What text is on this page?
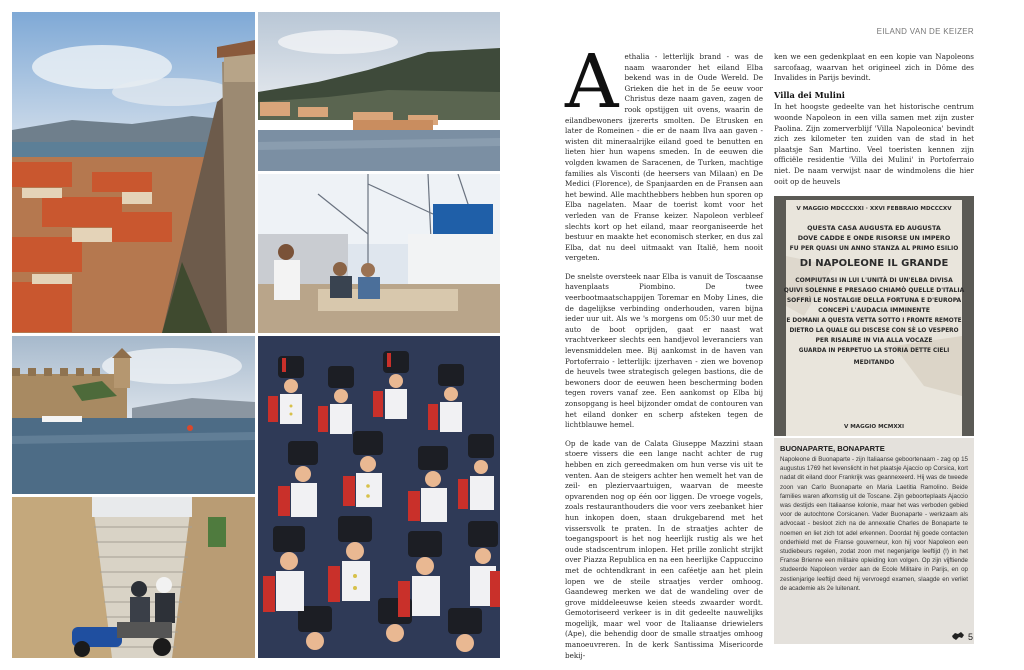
EILAND VAN DE KEIZER

Aethalia - letterlijk brand - was de naam waaronder het eiland Elba bekend was in de Oude Wereld. De Grieken die het in de 5e eeuw voor Christus deze naam gaven, zagen de rook opstijgen uit ovens, waarin de eilandbewoners ijzererts smolten. De Etrusken en later de Romeinen - die er de naam Ilva aan gaven - wisten dit mineraalrijke eiland goed te benutten en lieten hier hun wapens smeden. In de eeuwen die volgden kwamen de Saracenen, de Turken, machtige families als Visconti (de heersers van Milaan) en De Medici (Florence), de Spanjaarden en de Fransen aan het bewind. Alle machthebbers hebben hun sporen op Elba nagelaten. Maar de toerist komt voor het verleden van de Franse keizer. Napoleon verbleef slechts kort op het eiland, maar reorganiseerde het bestuur en maakte het economisch sterker, en dus zal Elba, dat nu deel uitmaakt van Italië, hem nooit vergeten.

De snelste oversteek naar Elba is vanuit de Toscaanse havenplaats Piombino. De twee veerbootmaatschappijen Toremar en Moby Lines, die de dagelijkse verbinding onderhouden, varen bijna ieder uur uit. Als we 's morgens om 05:30 uur met de auto de boot oprijden, gaat er naast wat vrachtverkeer slechts een handjevol leveranciers van levensmiddelen mee. Bij aankomst in de haven van Portoferraio - letterlijk: ijzerhaven - zien we bovenop de heuvels twee strategisch gelegen bastions, die de bewoners door de eeuwen heen bescherming boden tegen rovers vanaf zee. Een aankomst op Elba bij zonsopgang is heel bijzonder omdat de contouren van het eiland donker en scherp afsteken tegen de lichtblauwe hemel.

Op de kade van de Calata Giuseppe Mazzini staan stoere vissers die een lange nacht achter de rug hebben en zich gereedmaken om hun verse vis uit te venten. Aan de steigers achter hen wemelt het van de zeil- en pleziervaartuigen, waarvan de meeste opvarenden nog op één oor liggen. De vroege vogels, zoals restauranthouders die voor vers zeebanket hier hun inkopen doen, staan drukgebarend met het vissersvolk te praten. In de straatjes achter de toegangspoort is het nog heerlijk rustig als we het oude stadscentrum inlopen. Het prille zonlicht strijkt over Piazza Republica en na een heerlijke Cappuccino met de ochtendkrant in een caféetje aan het plein lopen we de steile straatjes verder omhoog. Gaandeweg merken we dat de wandeling over de grove middeleeuwse keien steeds zwaarder wordt. Gemotoriseerd verkeer is in dit gedeelte nauwelijks mogelijk, maar wel voor de Italiaanse driewielers (Ape), die behendig door de smalle straatjes omhoog manoeuvreren. In de kerk Santissima Misericorde bekij-

ken we een gedenkplaat en een kopie van Napoleons sarcofaag, waarvan het origineel zich in Dôme des Invalides in Parijs bevindt.

Villa dei Mulini

In het hoogste gedeelte van het historische centrum woonde Napoleon in een villa samen met zijn zuster Paolina. Zijn zomerverblijf 'Villa Napoleonica' bevindt zich zes kilometer ten zuiden van de stad in het plaatsje San Martino. Veel toeristen kennen zijn officiële residentie 'Villa dei Mulini' in Portoferraio niet. De naam verwijst naar de windmolens die hier ooit op de heuvels

V MAGGIO MDCCCXXI · XXVI FEBBRAIO MDCCCXV
QUESTA CASA AUGUSTA ED AUGUSTA
DOVE CADDE E ONDE RISORSE UN IMPERO
FU PER QUASI UN ANNO STANZA AL PRIMO ESILIO
DI NAPOLEONE IL GRANDE
COMPIUTASI IN LUI L'UNITÀ DI UN'ELBA DIVISA
QUIVI SOLENNE E PRESAGO CHIAMÒ QUELLE D'ITALIA
SOFFRÌ LE NOSTALGIE DELLA FORTUNA E D'EUROPA
CONCEPÌ L'AUDACIA IMMINENTE
E DOMANI A QUESTA VETTA SOTTO I FRONTE REMOTE
DIETRO LA QUALE GLI DISCESE CON SÈ LO VESPERO
PER RISALIRE IN VIA ALLA VOCAZE
GUARDA IN PERPETUO LA STORIA DETTE CIELI
MEDITANDO
V MAGGIO MCMXXI
BUONAPARTE, BONAPARTE
Napoleone di Buonaparte - zijn Italiaanse geboortenaam - zag op 15 augustus 1769 het levenslicht in het plaatsje Ajaccio op Corsica, kort nadat dit eiland door Frankrijk was geannexeerd. Hij was de tweede zoon van Carlo Buonaparte en Maria Laetitia Ramolino. Beide families waren afkomstig uit de Toscane. Zijn geboorteplaats Ajaccio was destijds een Italiaanse kolonie, maar het was verboden gebied voor de autochtone Corsicanen. Vader Buonaparte - werkzaam als advocaat - besloot zich na de annexatie Charles de Bonaparte te noemen en liet zich tot adel erkennen. Doordat hij goede contacten onderhield met de Franse gouverneur, kon hij voor Napoleon een studiebeurs regelen, zodat zoon met negenjarige leeftijd (!) in het Franse Brienne een militaire opleiding kon volgen. Op zijn vijftiende studeerde Napoleon verder aan de Ecole Militaire in Parijs, en op zestienjarige leeftijd deed hij vervroegd examen, slaagde en verliet de academie als 2e luitenant.
5
